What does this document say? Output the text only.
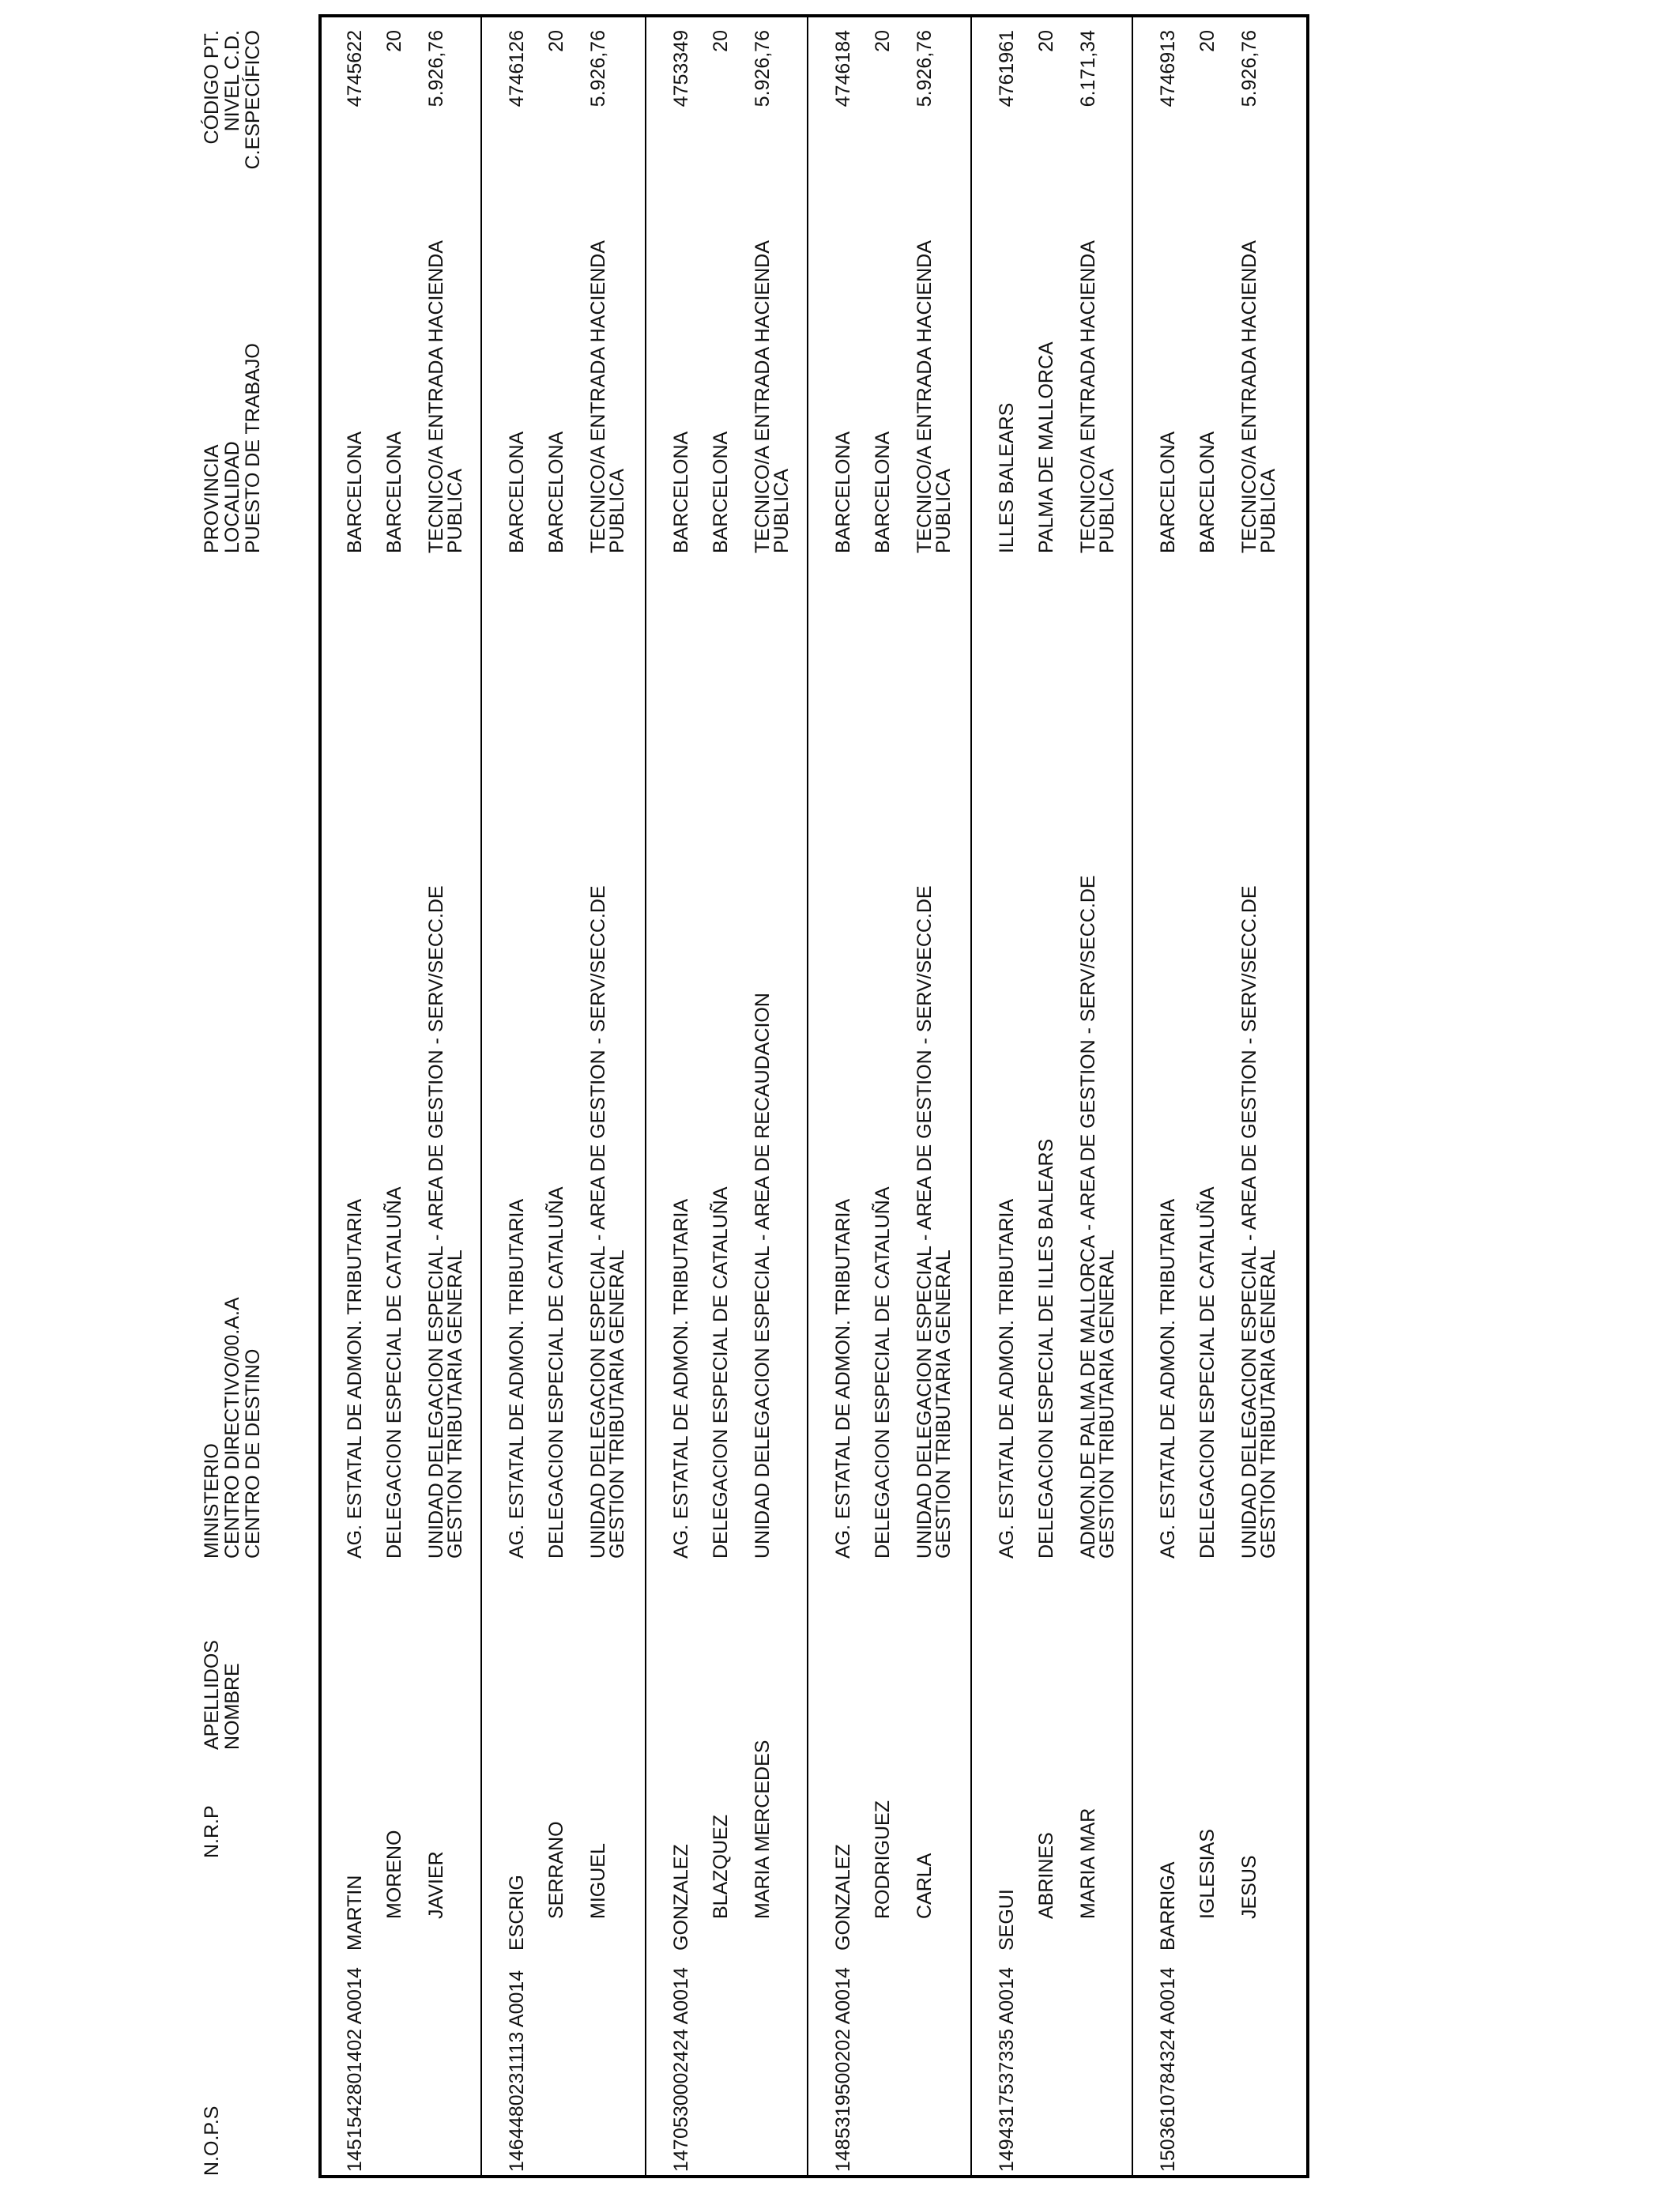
N.O.P.S
N.R.P
APELLIDOS
NOMBRE
MINISTERIO
CENTRO DIRECTIVO/00.A.A
CENTRO DE DESTINO
PROVINCIA
LOCALIDAD
PUESTO DE TRABAJO
CÓDIGO PT.
NIVEL C.D.
C.ESPECÍFICO
145
1542801402 A0014
MARTIN MORENO JAVIER
AG. ESTATAL DE ADMON. TRIBUTARIA DELEGACION ESPECIAL DE CATALUÑA UNIDAD DELEGACION ESPECIAL - AREA DE GESTION - SERV/SECC.DE
GESTION TRIBUTARIA GENERAL
BARCELONA BARCELONA TECNICO/A ENTRADA HACIENDA
PUBLICA
4745622 20 5.926,76
146
4480231113 A0014
ESCRIG SERRANO MIGUEL
AG. ESTATAL DE ADMON. TRIBUTARIA DELEGACION ESPECIAL DE CATALUÑA UNIDAD DELEGACION ESPECIAL - AREA DE GESTION - SERV/SECC.DE
GESTION TRIBUTARIA GENERAL
BARCELONA BARCELONA TECNICO/A ENTRADA HACIENDA
PUBLICA
4746126 20 5.926,76
147
0530002424 A0014
GONZALEZ BLAZQUEZ MARIA MERCEDES
AG. ESTATAL DE ADMON. TRIBUTARIA DELEGACION ESPECIAL DE CATALUÑA UNIDAD DELEGACION ESPECIAL - AREA DE RECAUDACION
BARCELONA BARCELONA TECNICO/A ENTRADA HACIENDA
PUBLICA
4753349 20 5.926,76
148
5319500202 A0014
GONZALEZ RODRIGUEZ CARLA
AG. ESTATAL DE ADMON. TRIBUTARIA DELEGACION ESPECIAL DE CATALUÑA UNIDAD DELEGACION ESPECIAL - AREA DE GESTION - SERV/SECC.DE
GESTION TRIBUTARIA GENERAL
BARCELONA BARCELONA TECNICO/A ENTRADA HACIENDA
PUBLICA
4746184 20 5.926,76
149
4317537335 A0014
SEGUI
ABRINES MARIA MAR
AG. ESTATAL DE ADMON. TRIBUTARIA DELEGACION ESPECIAL DE ILLES BALEARS ADMON.DE PALMA DE MALLORCA - AREA DE GESTION - SERV/SECC.DE
GESTION TRIBUTARIA GENERAL
ILLES BALEARS PALMA DE MALLORCA TECNICO/A ENTRADA HACIENDA
PUBLICA
4761961 20 6.171,34
150
3610784324 A0014
BARRIGA IGLESIAS JESUS
AG. ESTATAL DE ADMON. TRIBUTARIA DELEGACION ESPECIAL DE CATALUÑA UNIDAD DELEGACION ESPECIAL - AREA DE GESTION - SERV/SECC.DE
GESTION TRIBUTARIA GENERAL
BARCELONA BARCELONA TECNICO/A ENTRADA HACIENDA
PUBLICA
4746913 20 5.926,76
